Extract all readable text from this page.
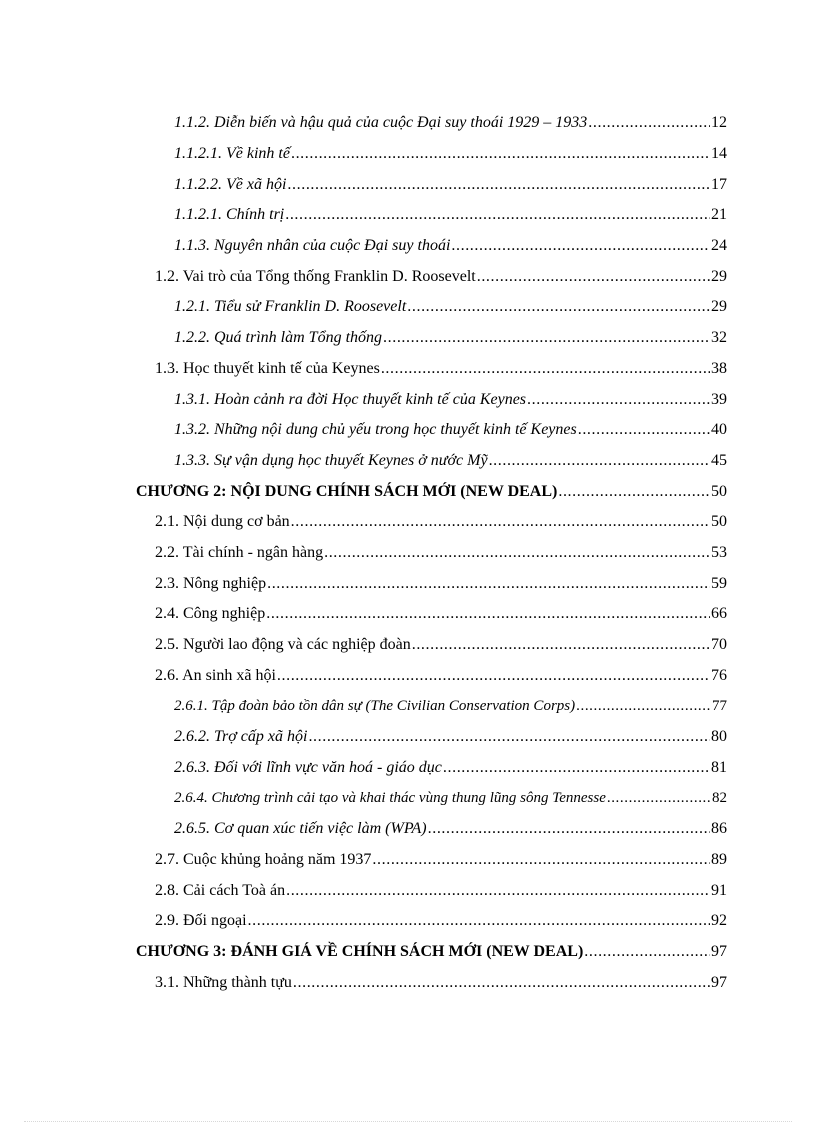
1.1.2. Diễn biến và hậu quả của cuộc Đại suy thoái 1929 – 1933 .....	12
1.1.2.1. Về kinh tế .....	14
1.1.2.2. Về xã hội .....	17
1.1.2.1. Chính trị .....	21
1.1.3. Nguyên nhân của cuộc Đại suy thoái .....	24
1.2. Vai trò của Tổng thống Franklin D. Roosevelt .....	29
1.2.1. Tiểu sử Franklin D. Roosevelt .....	29
1.2.2. Quá trình làm Tổng thống .....	32
1.3. Học thuyết kinh tế của Keynes .....	38
1.3.1. Hoàn cảnh ra đời Học thuyết kinh tế của Keynes .....	39
1.3.2. Những nội dung chủ yếu trong học thuyết kinh tế Keynes .....	40
1.3.3. Sự vận dụng học thuyết Keynes ở nước Mỹ .....	45
CHƯƠNG 2: NỘI DUNG CHÍNH SÁCH MỚI (NEW DEAL) .....	50
2.1. Nội dung cơ bản .....	50
2.2. Tài chính - ngân hàng .....	53
2.3. Nông nghiệp .....	59
2.4. Công nghiệp .....	66
2.5. Người lao động và các nghiệp đoàn .....	70
2.6. An sinh xã hội .....	76
2.6.1. Tập đoàn bảo tồn dân sự (The Civilian Conservation Corps) .....	77
2.6.2. Trợ cấp xã hội .....	80
2.6.3. Đối với lĩnh vực văn hoá - giáo dục .....	81
2.6.4. Chương trình cải tạo và khai thác vùng thung lũng sông Tennesse .....	82
2.6.5. Cơ quan xúc tiến việc làm (WPA) .....	86
2.7. Cuộc khủng hoảng năm 1937 .....	89
2.8. Cải cách Toà án .....	91
2.9. Đối ngoại .....	92
CHƯƠNG 3: ĐÁNH GIÁ VỀ CHÍNH SÁCH MỚI (NEW DEAL) .....	97
3.1. Những thành tựu .....	97
